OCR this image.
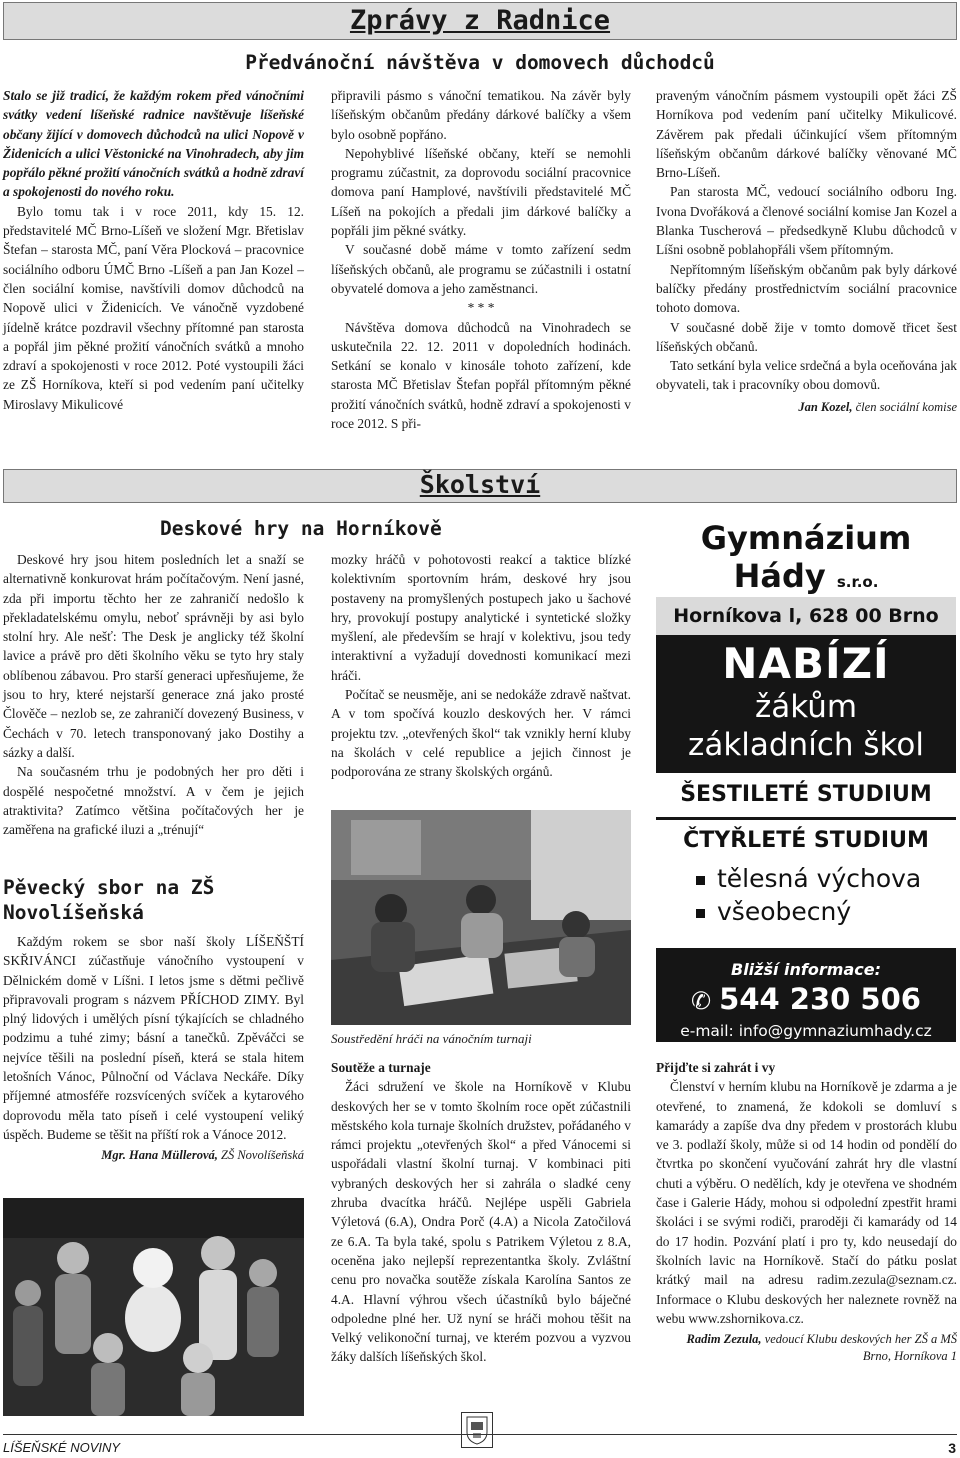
Zprávy z Radnice
Předvánoční návštěva v domovech důchodců

Stalo se již tradicí, že každým rokem před vánočními svátky vedení líšeňské radnice navštěvuje líšeňské občany žijící v domovech důchodců na ulici Nopově v Židenicích a ulici Věstonické na Vinohradech, aby jim popřálo pěkné prožití vánočních svátků a hodně zdraví a spokojenosti do nového roku.

Bylo tomu tak i v roce 2011, kdy 15. 12. představitelé MČ Brno-Líšeň ve složení Mgr. Břetislav Štefan – starosta MČ, paní Věra Plocková – pracovnice sociálního odboru ÚMČ Brno -Líšeň a pan Jan Kozel – člen sociální komise, navštívili domov důchodců na Nopově ulici v Židenicích. Ve vánočně vyzdobené jídelně krátce pozdravil všechny přítomné pan starosta a popřál jim pěkné prožití vánočních svátků a mnoho zdraví a spokojenosti v roce 2012. Poté vystoupili žáci ze ZŠ Horníkova, kteří si pod vedením paní učitelky Miroslavy Mikulicové

připravili pásmo s vánoční tematikou. Na závěr byly líšeňským občanům předány dárkové balíčky a všem bylo osobně popřáno.

Nepohyblivé líšeňské občany, kteří se nemohli programu zúčastnit, za doprovodu sociální pracovnice domova paní Hamplové, navštívili představitelé MČ Líšeň na pokojích a předali jim dárkové balíčky a popřáli jim pěkné svátky.

V současné době máme v tomto zařízení sedm líšeňských občanů, ale programu se zúčastnili i ostatní obyvatelé domova a jeho zaměstnanci.

* * *

Návštěva domova důchodců na Vinohradech se uskutečnila 22. 12. 2011 v dopoledních hodinách. Setkání se konalo v kinosále tohoto zařízení, kde starosta MČ Břetislav Štefan popřál přítomným pěkné prožití vánočních svátků, hodně zdraví a spokojenosti v roce 2012. S při-

praveným vánočním pásmem vystoupili opět žáci ZŠ Horníkova pod vedením paní učitelky Mikulicové. Závěrem pak předali účinkující všem přítomným líšeňským občanům dárkové balíčky věnované MČ Brno-Líšeň.

Pan starosta MČ, vedoucí sociálního odboru Ing. Ivona Dvořáková a členové sociální komise Jan Kozel a Blanka Tuscherová – předsedkyně Klubu důchodců v Líšni osobně poblahopřáli všem přítomným.

Nepřítomným líšeňským občanům pak byly dárkové balíčky předány prostřednictvím sociální pracovnice tohoto domova.

V současné době žije v tomto domově třicet šest líšeňských občanů.

Tato setkání byla velice srdečná a byla oceňována jak obyvateli, tak i pracovníky obou domovů.

Jan Kozel, člen sociální komise

Školství
Deskové hry na Horníkově

Deskové hry jsou hitem posledních let a snaží se alternativně konkurovat hrám počítačovým. Není jasné, zda při importu těchto her ze zahraničí nedošlo k překladatelskému omylu, neboť správněji by asi bylo stolní hry. Ale nešť: The Desk je anglicky též školní lavice a právě pro děti školního věku se tyto hry staly oblíbenou zábavou. Pro starší generaci upřesňujeme, že jsou to hry, které nejstarší generace zná jako prosté Člověče – nezlob se, ze zahraničí dovezený Business, v Čechách v 70. letech transponovaný jako Dostihy a sázky a další.

Na současném trhu je podobných her pro děti i dospělé nespočetné množství. A v čem je jejich atraktivita? Zatímco většina počítačových her je zaměřena na grafické iluzi a „trénují“

Pěvecký sbor na ZŠ Novolíšeňská

Každým rokem se sbor naší školy LÍŠEŇŠTÍ SKŘIVÁNCI zúčastňuje vánočního vystoupení v Dělnickém domě v Líšni. I letos jsme s dětmi pečlivě připravovali program s názvem PŘÍCHOD ZIMY. Byl plný lidových i umělých písní týkajících se chladného podzimu a tuhé zimy; básní a tanečků. Zpěváčci se nejvíce těšili na poslední píseň, která se stala hitem letošních Vánoc, Půlnoční od Václava Neckáře. Díky příjemné atmosféře rozsvícených svíček a kytarového doprovodu měla tato píseň i celé vystoupení veliký úspěch. Budeme se těšit na příští rok a Vánoce 2012.

Mgr. Hana Müllerová, ZŠ Novolíšeňská

mozky hráčů v pohotovosti reakcí a taktice blízké kolektivním sportovním hrám, deskové hry jsou postaveny na promyšlených postupech jako u šachové hry, provokují postupy analytické i syntetické složky myšlení, ale především se hrají v kolektivu, jsou tedy interaktivní a vyžadují dovednosti komunikací mezi hráči.

Počítač se neusměje, ani se nedokáže zdravě naštvat. A v tom spočívá kouzlo deskových her. V rámci projektu tzv. „otevřených škol“ tak vznikly herní kluby na školách v celé republice a jejich činnost je podporována ze strany školských orgánů.

Soustředění hráči na vánočním turnaji

Soutěže a turnaje

Žáci sdružení ve škole na Horníkově v Klubu deskových her se v tomto školním roce opět zúčastnili městského kola turnaje školních družstev, pořádaného v rámci projektu „otevřených škol“ a před Vánocemi si uspořádali vlastní školní turnaj. V kombinaci piti vybraných deskových her si zahrála o sladké ceny zhruba dvacítka hráčů. Nejlépe uspěli Gabriela Výletová (6.A), Ondra Porč (4.A) a Nicola Zatočilová ze 6.A. Ta byla také, spolu s Patrikem Výletou z 8.A, oceněna jako nejlepší reprezentantka školy. Zvláštní cenu pro novačka soutěže získala Karolína Santos ze 4.A. Hlavní výhrou všech účastníků bylo báječné odpoledne plné her. Už nyní se hráči mohou těšit na Velký velikonoční turnaj, ve kterém pozvou a vyzvou žáky dalších líšeňských škol.

Gymnázium
Hády s.r.o.
Horníkova l, 628 00 Brno
NABÍZÍ
žákům
základních škol
ŠESTILETÉ STUDIUM
ČTYŘLETÉ STUDIUM
tělesná výchova
všeobecný
Bližší informace:
✆ 544 230 506
e-mail: info@gymnaziumhady.cz
www.gymnaziumhady.cz

Přijďte si zahrát i vy

Členství v herním klubu na Horníkově je zdarma a je otevřené, to znamená, že kdokoli se domluví s kamarády a zapíše dva dny předem v prostorách klubu ve 3. podlaží školy, může si od 14 hodin od pondělí do čtvrtka po skončení vyučování zahrát hry dle vlastní chuti a výběru. O nedělích, kdy je otevřena ve shodném čase i Galerie Hády, mohou si odpolední zpestřit hrami školáci i se svými rodiči, praroději či kamarády od 14 do 17 hodin. Pozvání platí i pro ty, kdo neusedají do školních lavic na Horníkově. Stačí do pátku poslat krátký mail na adresu radim.zezula@seznam.cz. Informace o Klubu deskových her naleznete rovněž na webu www.zshornikova.cz.

Radim Zezula, vedoucí Klubu deskových her ZŠ a MŠ Brno, Horníkova 1

LÍŠEŇSKÉ NOVINY	3
